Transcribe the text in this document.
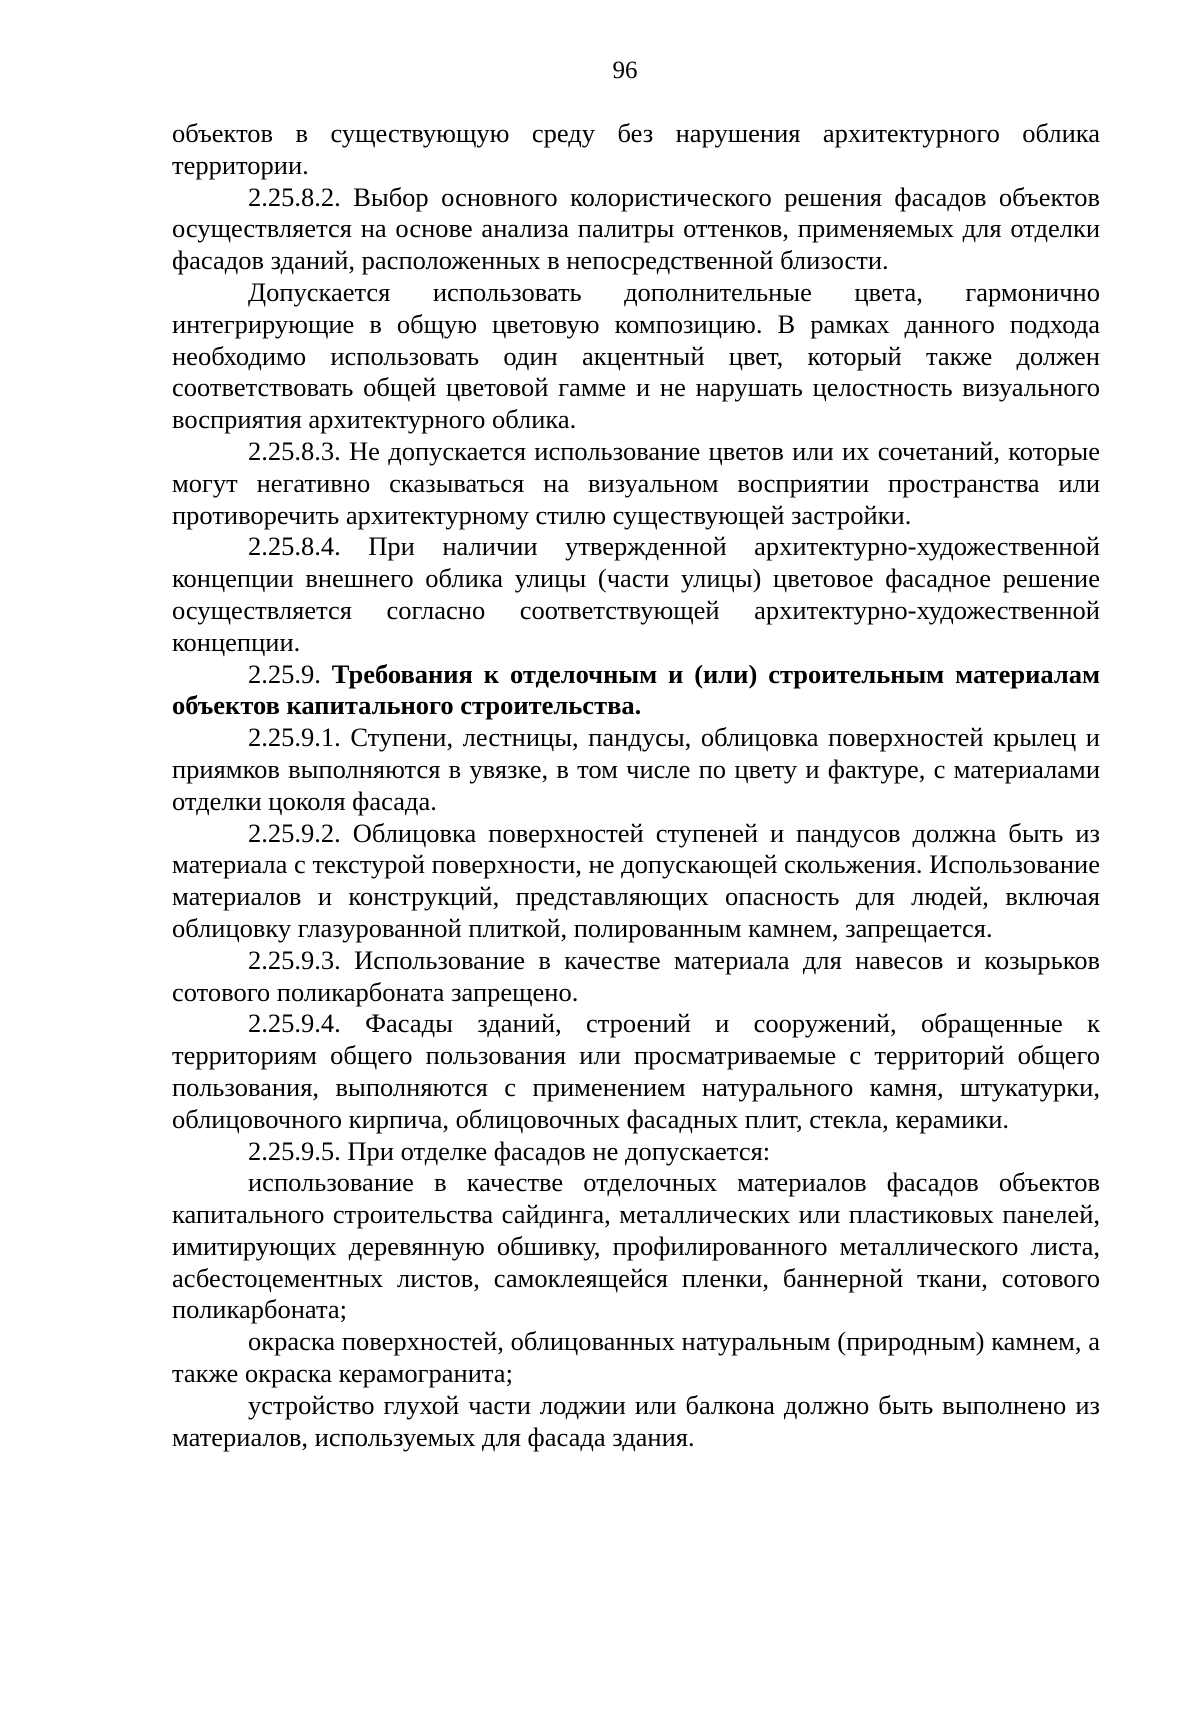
96

объектов в существующую среду без нарушения архитектурного облика территории.

2.25.8.2. Выбор основного колористического решения фасадов объектов осуществляется на основе анализа палитры оттенков, применяемых для отделки фасадов зданий, расположенных в непосредственной близости.

Допускается использовать дополнительные цвета, гармонично интегрирующие в общую цветовую композицию. В рамках данного подхода необходимо использовать один акцентный цвет, который также должен соответствовать общей цветовой гамме и не нарушать целостность визуального восприятия архитектурного облика.

2.25.8.3. Не допускается использование цветов или их сочетаний, которые могут негативно сказываться на визуальном восприятии пространства или противоречить архитектурному стилю существующей застройки.

2.25.8.4. При наличии утвержденной архитектурно-художественной концепции внешнего облика улицы (части улицы) цветовое фасадное решение осуществляется согласно соответствующей архитектурно-художественной концепции.

2.25.9. Требования к отделочным и (или) строительным материалам объектов капитального строительства.

2.25.9.1. Ступени, лестницы, пандусы, облицовка поверхностей крылец и приямков выполняются в увязке, в том числе по цвету и фактуре, с материалами отделки цоколя фасада.

2.25.9.2. Облицовка поверхностей ступеней и пандусов должна быть из материала с текстурой поверхности, не допускающей скольжения. Использование материалов и конструкций, представляющих опасность для людей, включая облицовку глазурованной плиткой, полированным камнем, запрещается.

2.25.9.3. Использование в качестве материала для навесов и козырьков сотового поликарбоната запрещено.

2.25.9.4. Фасады зданий, строений и сооружений, обращенные к территориям общего пользования или просматриваемые с территорий общего пользования, выполняются с применением натурального камня, штукатурки, облицовочного кирпича, облицовочных фасадных плит, стекла, керамики.

2.25.9.5. При отделке фасадов не допускается:

использование в качестве отделочных материалов фасадов объектов капитального строительства сайдинга, металлических или пластиковых панелей, имитирующих деревянную обшивку, профилированного металлического листа, асбестоцементных листов, самоклеящейся пленки, баннерной ткани, сотового поликарбоната;

окраска поверхностей, облицованных натуральным (природным) камнем, а также окраска керамогранита;

устройство глухой части лоджии или балкона должно быть выполнено из материалов, используемых для фасада здания.
